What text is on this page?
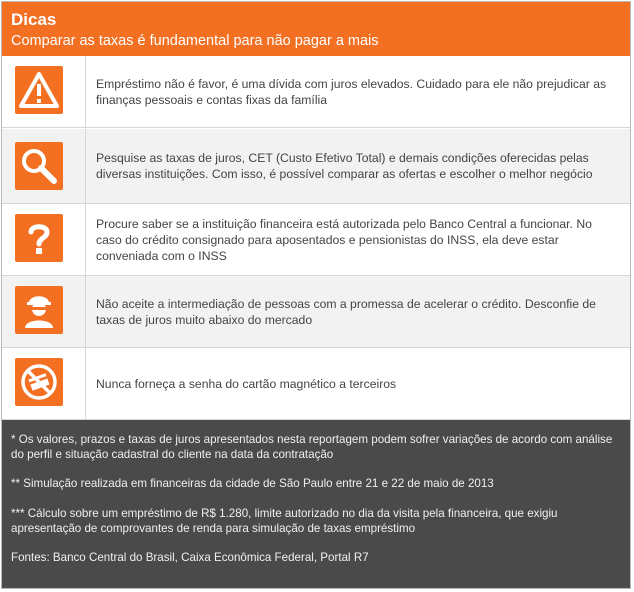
Dicas
Comparar as taxas é fundamental para não pagar a mais
Empréstimo não é favor, é uma dívida com juros elevados. Cuidado para ele não prejudicar as finanças pessoais e contas fixas da família
Pesquise as taxas de juros, CET (Custo Efetivo Total) e demais condições oferecidas pelas diversas instituições. Com isso, é possível comparar as ofertas e escolher o melhor negócio
Procure saber se a instituição financeira está autorizada pelo Banco Central a funcionar. No caso do crédito consignado para aposentados e pensionistas do INSS, ela deve estar conveniada com o INSS
Não aceite a intermediação de pessoas com a promessa de acelerar o crédito. Desconfie de taxas de juros muito abaixo do mercado
Nunca forneça a senha do cartão magnético a terceiros

* Os valores, prazos e taxas de juros apresentados nesta reportagem podem sofrer variações de acordo com análise do perfil e situação cadastral do cliente na data da contratação

** Simulação realizada em financeiras da cidade de São Paulo entre 21 e 22 de maio de 2013

*** Cálculo sobre um empréstimo de R$ 1.280, limite autorizado no dia da visita pela financeira, que exigiu apresentação de comprovantes de renda para simulação de taxas empréstimo

Fontes: Banco Central do Brasil, Caixa Econômica Federal, Portal R7
